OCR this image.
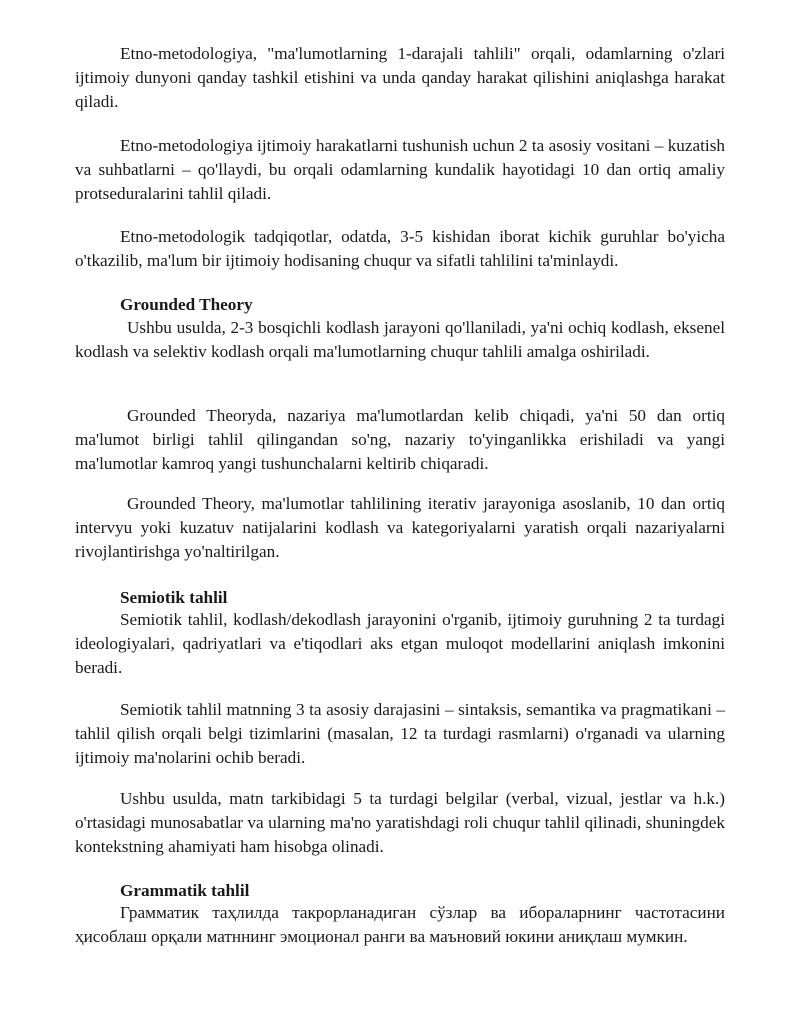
Etno-metodologiya, "ma'lumotlarning 1-darajali tahlili" orqali, odamlarning o'zlari ijtimoiy dunyoni qanday tashkil etishini va unda qanday harakat qilishini aniqlashga harakat qiladi.

Etno-metodologiya ijtimoiy harakatlarni tushunish uchun 2 ta asosiy vositani – kuzatish va suhbatlarni – qo'llaydi, bu orqali odamlarning kundalik hayotidagi 10 dan ortiq amaliy protseduralarini tahlil qiladi.

Etno-metodologik tadqiqotlar, odatda, 3-5 kishidan iborat kichik guruhlar bo'yicha o'tkazilib, ma'lum bir ijtimoiy hodisaning chuqur va sifatli tahlilini ta'minlaydi.

Grounded Theory

Ushbu usulda, 2-3 bosqichli kodlash jarayoni qo'llaniladi, ya'ni ochiq kodlash, eksenel kodlash va selektiv kodlash orqali ma'lumotlarning chuqur tahlili amalga oshiriladi.

Grounded Theoryda, nazariya ma'lumotlardan kelib chiqadi, ya'ni 50 dan ortiq ma'lumot birligi tahlil qilingandan so'ng, nazariy to'yinganlikka erishiladi va yangi ma'lumotlar kamroq yangi tushunchalarni keltirib chiqaradi.

Grounded Theory, ma'lumotlar tahlilining iterativ jarayoniga asoslanib, 10 dan ortiq intervyu yoki kuzatuv natijalarini kodlash va kategoriyalarni yaratish orqali nazariyalarni rivojlantirishga yo'naltirilgan.

Semiotik tahlil

Semiotik tahlil, kodlash/dekodlash jarayonini o'rganib, ijtimoiy guruhning 2 ta turdagi ideologiyalari, qadriyatlari va e'tiqodlari aks etgan muloqot modellarini aniqlash imkonini beradi.

Semiotik tahlil matnning 3 ta asosiy darajasini – sintaksis, semantika va pragmatikani – tahlil qilish orqali belgi tizimlarini (masalan, 12 ta turdagi rasmlarni) o'rganadi va ularning ijtimoiy ma'nolarini ochib beradi.

Ushbu usulda, matn tarkibidagi 5 ta turdagi belgilar (verbal, vizual, jestlar va h.k.) o'rtasidagi munosabatlar va ularning ma'no yaratishdagi roli chuqur tahlil qilinadi, shuningdek kontekstning ahamiyati ham hisobga olinadi.

Grammatik tahlil

Грамматик таҳлилда такрорланадиган сўзлар ва ибораларнинг частотасини ҳисоблаш орқали матннинг эмоционал ранги ва маъновий юкини аниқлаш мумкин.
